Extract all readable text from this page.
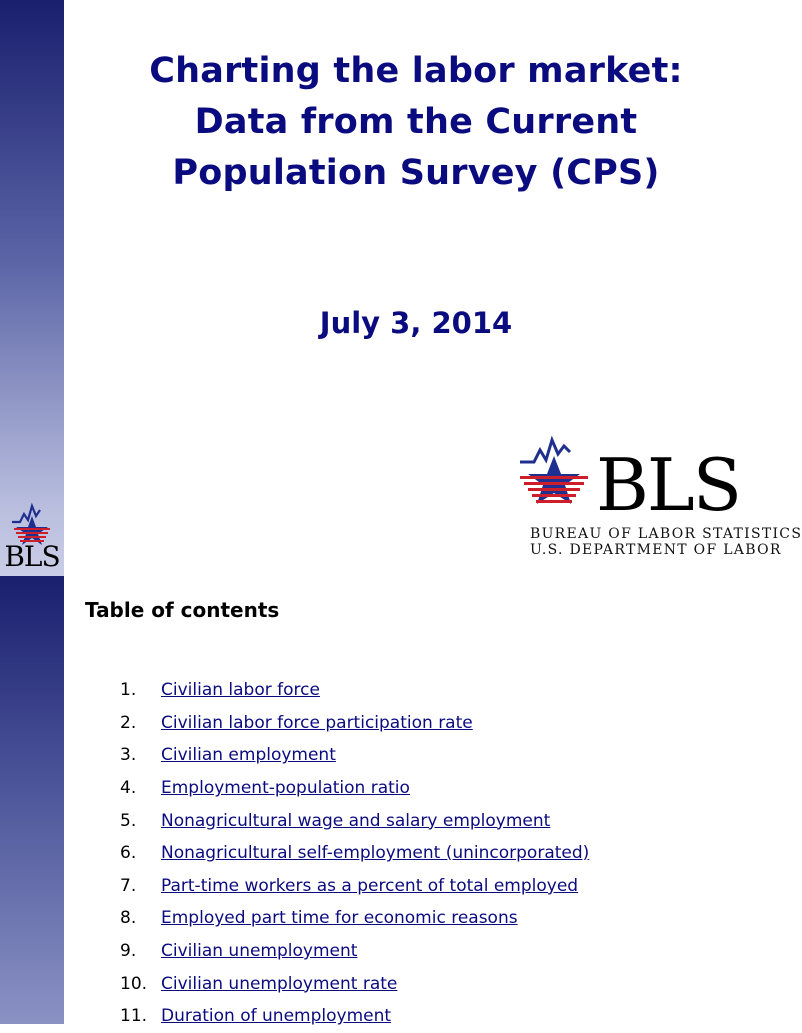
BLS
Charting the labor market:
Data from the Current
Population Survey (CPS)

July 3, 2014

BLS
BUREAU OF LABOR STATISTICS
U.S. DEPARTMENT OF LABOR
Table of contents
1.	Civilian labor force
2.	Civilian labor force participation rate
3.	Civilian employment
4.	Employment-population ratio
5.	Nonagricultural wage and salary employment
6.	Nonagricultural self-employment (unincorporated)
7.	Part-time workers as a percent of total employed
8.	Employed part time for economic reasons
9.	Civilian unemployment
10. Civilian unemployment rate
11. Duration of unemployment
